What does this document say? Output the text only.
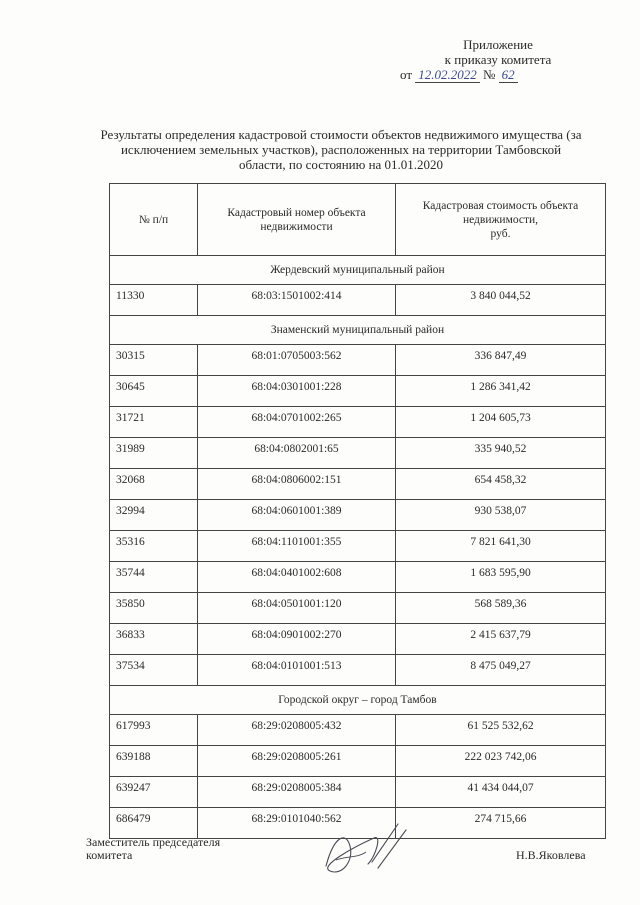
Приложение
к приказу комитета
от 12.02.2022 № 62
Результаты определения кадастровой стоимости объектов недвижимого имущества (за исключением земельных участков), расположенных на территории Тамбовской области, по состоянию на 01.01.2020
№ п/п	Кадастровый номер объекта недвижимости	Кадастровая стоимость объекта
недвижимости,
руб.
Жердевский муниципальный район		
11330	68:03:1501002:414	3 840 044,52
Знаменский муниципальный район		
30315	68:01:0705003:562	336 847,49
30645	68:04:0301001:228	1 286 341,42
31721	68:04:0701002:265	1 204 605,73
31989	68:04:0802001:65	335 940,52
32068	68:04:0806002:151	654 458,32
32994	68:04:0601001:389	930 538,07
35316	68:04:1101001:355	7 821 641,30
35744	68:04:0401002:608	1 683 595,90
35850	68:04:0501001:120	568 589,36
36833	68:04:0901002:270	2 415 637,79
37534	68:04:0101001:513	8 475 049,27
Городской округ – город Тамбов		
617993	68:29:0208005:432	61 525 532,62
639188	68:29:0208005:261	222 023 742,06
639247	68:29:0208005:384	41 434 044,07
686479	68:29:0101040:562	274 715,66
Заместитель председателя
комитета	Н.В.Яковлева
